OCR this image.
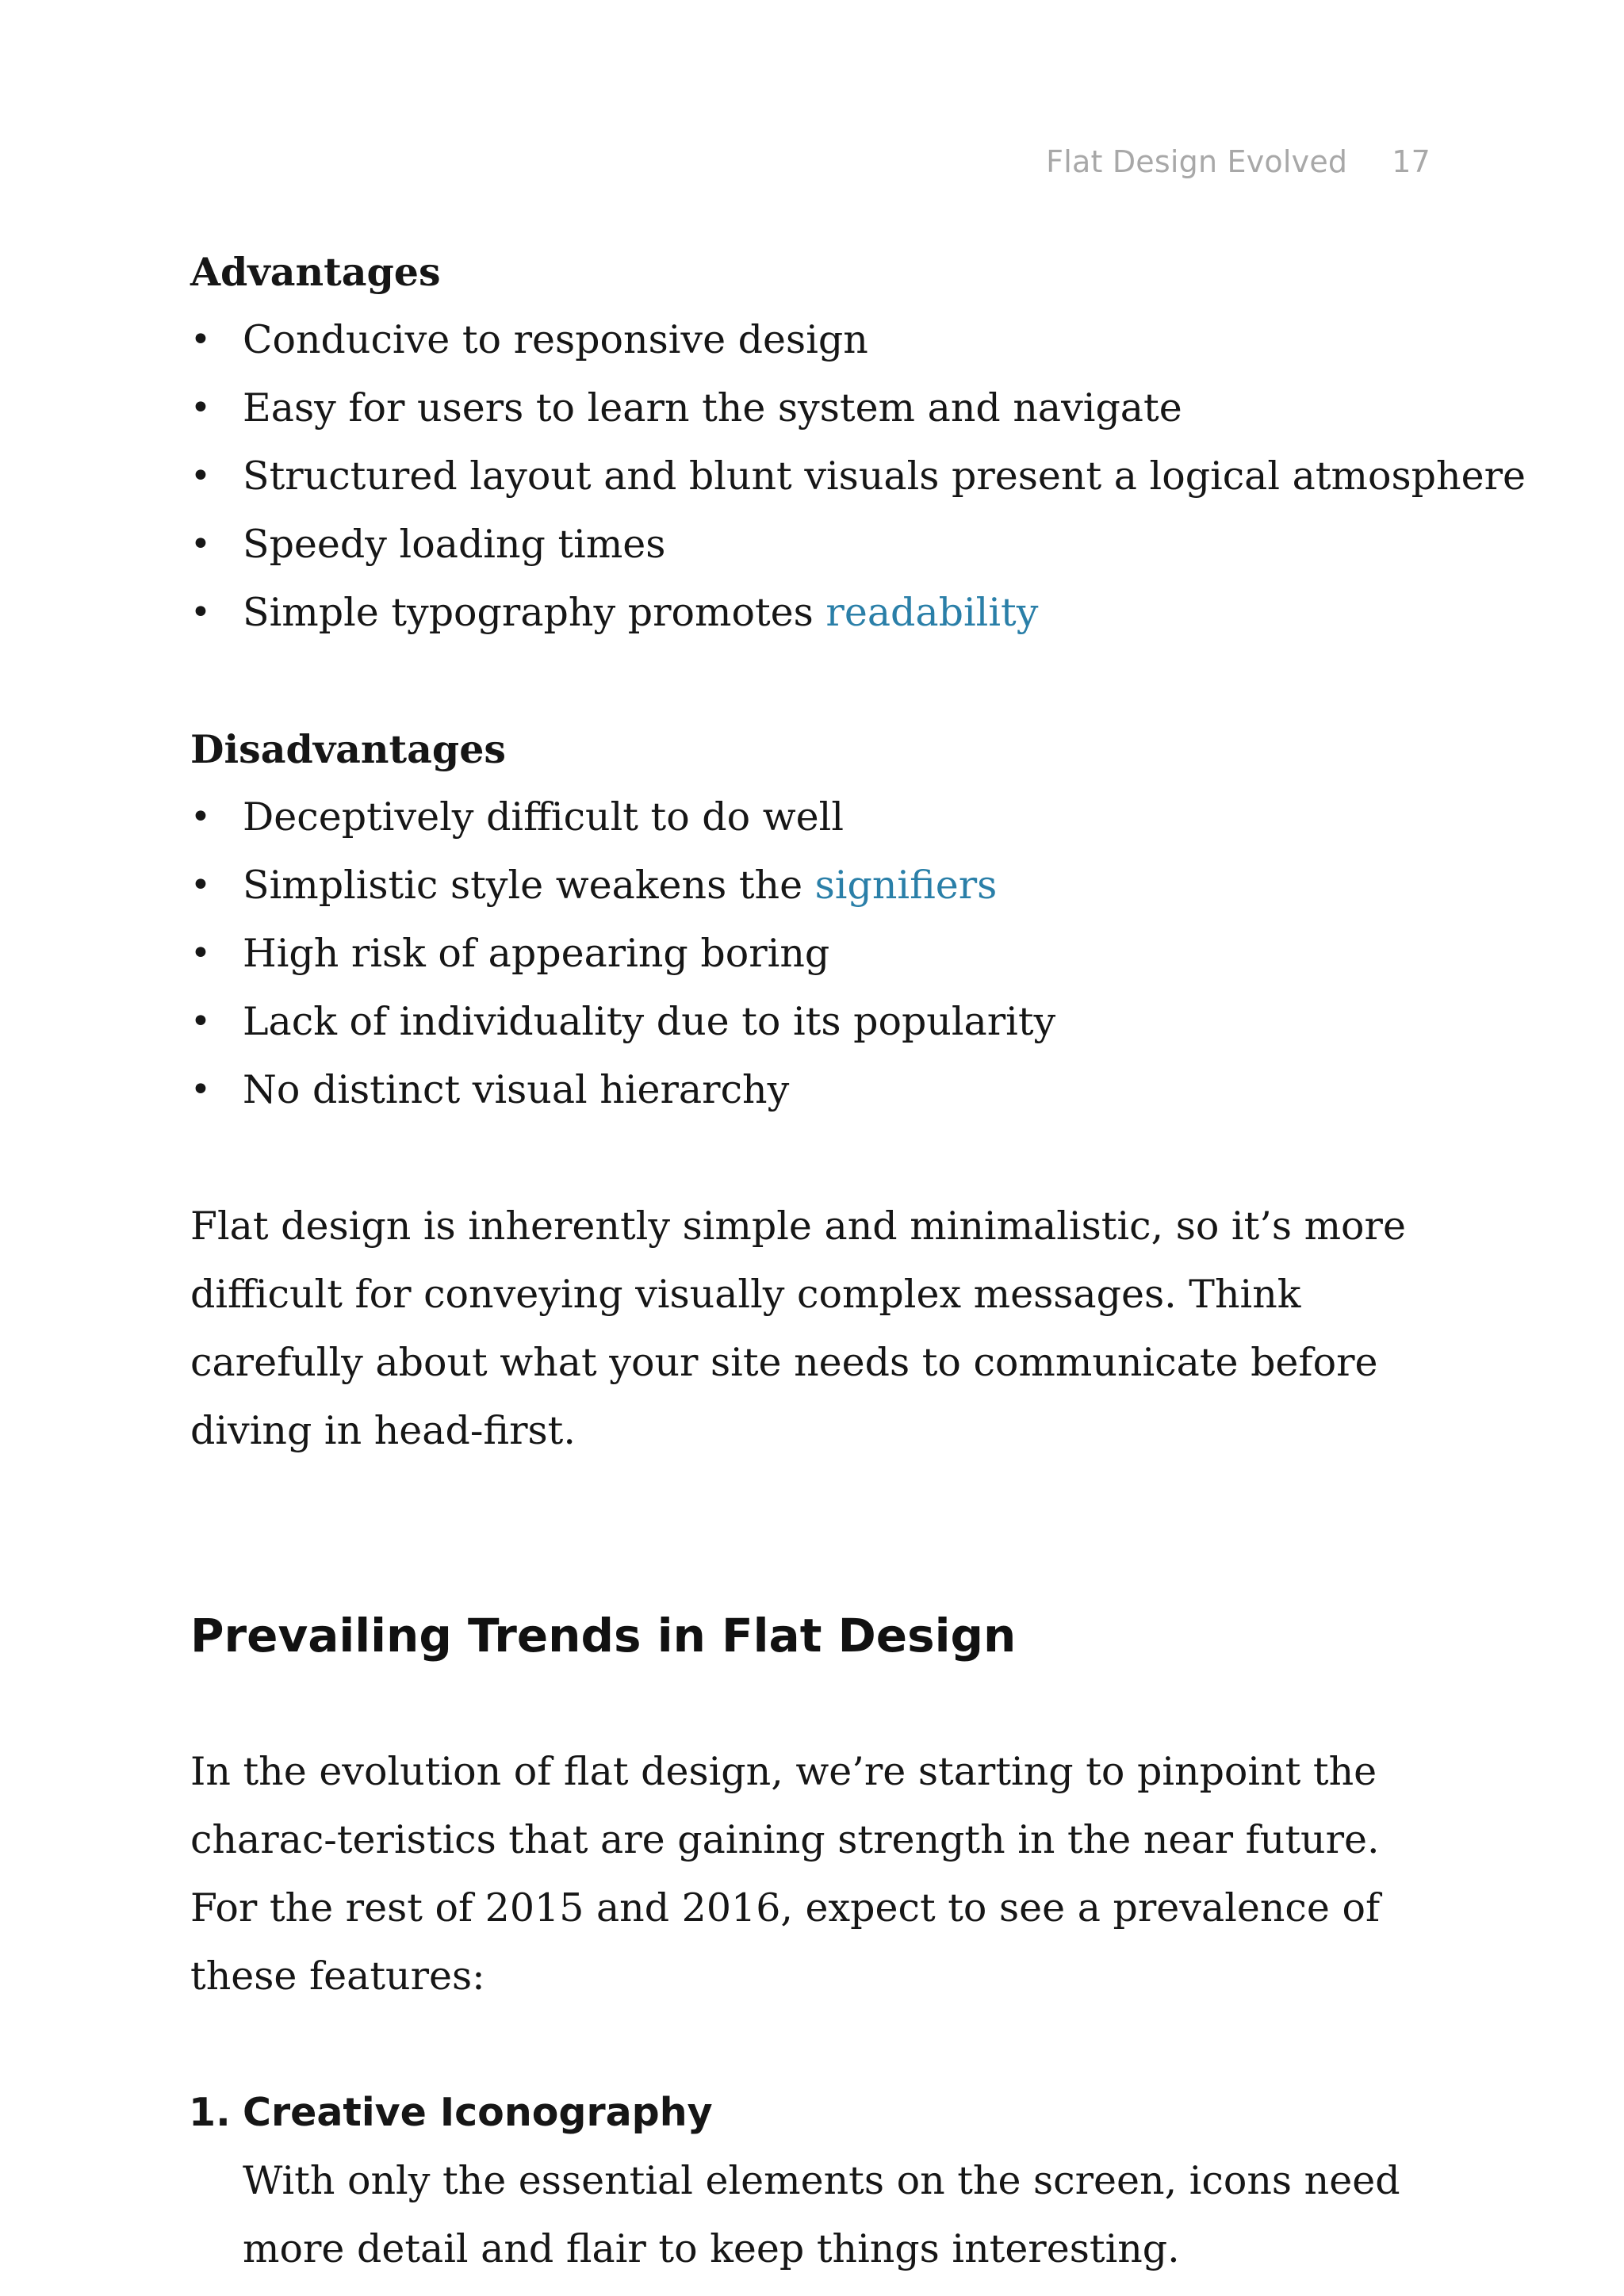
Flat Design Evolved 17
Advantages
• Conducive to responsive design
• Easy for users to learn the system and navigate
• Structured layout and blunt visuals present a logical atmosphere
• Speedy loading times
• Simple typography promotes readability
Disadvantages
• Deceptively difficult to do well
• Simplistic style weakens the signifiers
• High risk of appearing boring
• Lack of individuality due to its popularity
• No distinct visual hierarchy

Flat design is inherently simple and minimalistic, so it’s more difficult for conveying visually complex messages. Think carefully about what your site needs to communicate before diving in head-first.

Prevailing Trends in Flat Design

In the evolution of flat design, we’re starting to pinpoint the charac-teristics that are gaining strength in the near future. For the rest of 2015 and 2016, expect to see a prevalence of these features:

1. Creative Iconography
With only the essential elements on the screen, icons need more detail and flair to keep things interesting.
